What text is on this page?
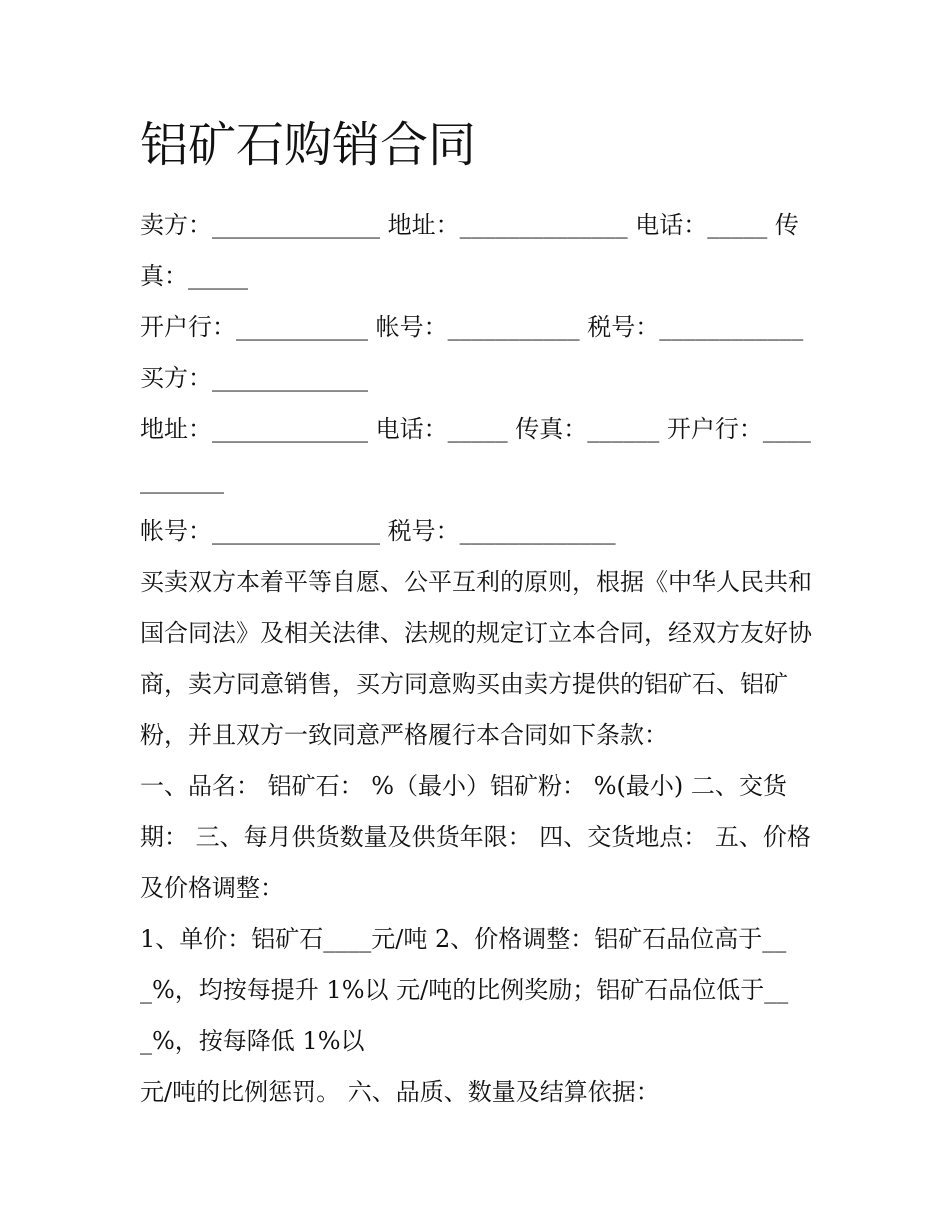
铝矿石购销合同

卖方：______________ 地址：______________ 电话：_____ 传真：_____

开户行：___________ 帐号：___________ 税号：____________

买方：_____________

地址：_____________ 电话：_____ 传真：______ 开户行：___________

帐号：______________ 税号：_____________

买卖双方本着平等自愿、公平互利的原则，根据《中华人民共和国合同法》及相关法律、法规的规定订立本合同，经双方友好协商，卖方同意销售，买方同意购买由卖方提供的铝矿石、铝矿粉，并且双方一致同意严格履行本合同如下条款：

一、品名： 铝矿石： %（最小）铝矿粉： %(最小) 二、交货期： 三、每月供货数量及供货年限： 四、交货地点： 五、价格及价格调整：

1、单价：铝矿石____元/吨 2、价格调整：铝矿石品位高于___%，均按每提升 1%以 元/吨的比例奖励；铝矿石品位低于___%，按每降低 1%以

元/吨的比例惩罚。 六、品质、数量及结算依据：
